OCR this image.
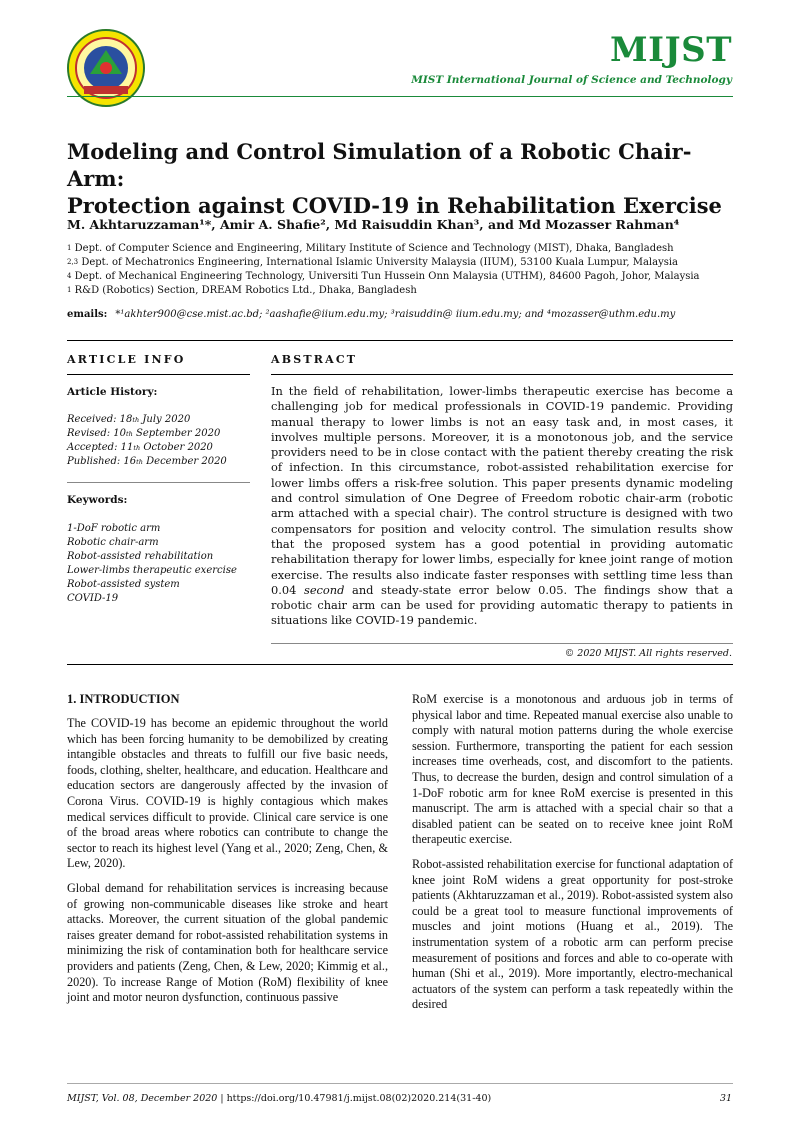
MIJST
MIST International Journal of Science and Technology
Modeling and Control Simulation of a Robotic Chair-Arm:
Protection against COVID-19 in Rehabilitation Exercise
M. Akhtaruzzaman¹*, Amir A. Shafie², Md Raisuddin Khan³, and Md Mozasser Rahman⁴
$^1$ Dept. of Computer Science and Engineering, Military Institute of Science and Technology (MIST), Dhaka, Bangladesh
$^{2,3}$ Dept. of Mechatronics Engineering, International Islamic University Malaysia (IIUM), 53100 Kuala Lumpur, Malaysia
$^4$ Dept. of Mechanical Engineering Technology, Universiti Tun Hussein Onn Malaysia (UTHM), 84600 Pagoh, Johor, Malaysia
$^1$ R&D (Robotics) Section, DREAM Robotics Ltd., Dhaka, Bangladesh
emails: *¹akhter900@cse.mist.ac.bd; ²aashafie@iium.edu.my; ³raisuddin@ iium.edu.my; and ⁴mozasser@uthm.edu.my
ARTICLE INFO
Article History:
Received: 18th July 2020
Revised: 10th September 2020
Accepted: 11th October 2020
Published: 16th December 2020
Keywords:
1-DoF robotic arm
Robotic chair-arm
Robot-assisted rehabilitation
Lower-limbs therapeutic exercise
Robot-assisted system
COVID-19
ABSTRACT
In the field of rehabilitation, lower-limbs therapeutic exercise has become a challenging job for medical professionals in COVID-19 pandemic. Providing manual therapy to lower limbs is not an easy task and, in most cases, it involves multiple persons. Moreover, it is a monotonous job, and the service providers need to be in close contact with the patient thereby creating the risk of infection. In this circumstance, robot-assisted rehabilitation exercise for lower limbs offers a risk-free solution. This paper presents dynamic modeling and control simulation of One Degree of Freedom robotic chair-arm (robotic arm attached with a special chair). The control structure is designed with two compensators for position and velocity control. The simulation results show that the proposed system has a good potential in providing automatic rehabilitation therapy for lower limbs, especially for knee joint range of motion exercise. The results also indicate faster responses with settling time less than 0.04 second and steady-state error below 0.05. The findings show that a robotic chair arm can be used for providing automatic therapy to patients in situations like COVID-19 pandemic.
© 2020 MIJST. All rights reserved.
1. INTRODUCTION

The COVID-19 has become an epidemic throughout the world which has been forcing humanity to be demobilized by creating intangible obstacles and threats to fulfill our five basic needs, foods, clothing, shelter, healthcare, and education. Healthcare and education sectors are dangerously affected by the invasion of Corona Virus. COVID-19 is highly contagious which makes medical services difficult to provide. Clinical care service is one of the broad areas where robotics can contribute to change the sector to reach its highest level (Yang et al., 2020; Zeng, Chen, & Lew, 2020).

Global demand for rehabilitation services is increasing because of growing non-communicable diseases like stroke and heart attacks. Moreover, the current situation of the global pandemic raises greater demand for robot-assisted rehabilitation systems in minimizing the risk of contamination both for healthcare service providers and patients (Zeng, Chen, & Lew, 2020; Kimmig et al., 2020). To increase Range of Motion (RoM) flexibility of knee joint and motor neuron dysfunction, continuous passive

RoM exercise is a monotonous and arduous job in terms of physical labor and time. Repeated manual exercise also unable to comply with natural motion patterns during the whole exercise session. Furthermore, transporting the patient for each session increases time overheads, cost, and discomfort to the patients. Thus, to decrease the burden, design and control simulation of a 1-DoF robotic arm for knee RoM exercise is presented in this manuscript. The arm is attached with a special chair so that a disabled patient can be seated on to receive knee joint RoM therapeutic exercise.

Robot-assisted rehabilitation exercise for functional adaptation of knee joint RoM widens a great opportunity for post-stroke patients (Akhtaruzzaman et al., 2019). Robot-assisted system also could be a great tool to measure functional improvements of muscles and joint motions (Huang et al., 2019). The instrumentation system of a robotic arm can perform precise measurement of positions and forces and able to co-operate with human (Shi et al., 2019). More importantly, electro-mechanical actuators of the system can perform a task repeatedly within the desired

MIJST, Vol. 08, December 2020 | https://doi.org/10.47981/j.mijst.08(02)2020.214(31-40)	31
